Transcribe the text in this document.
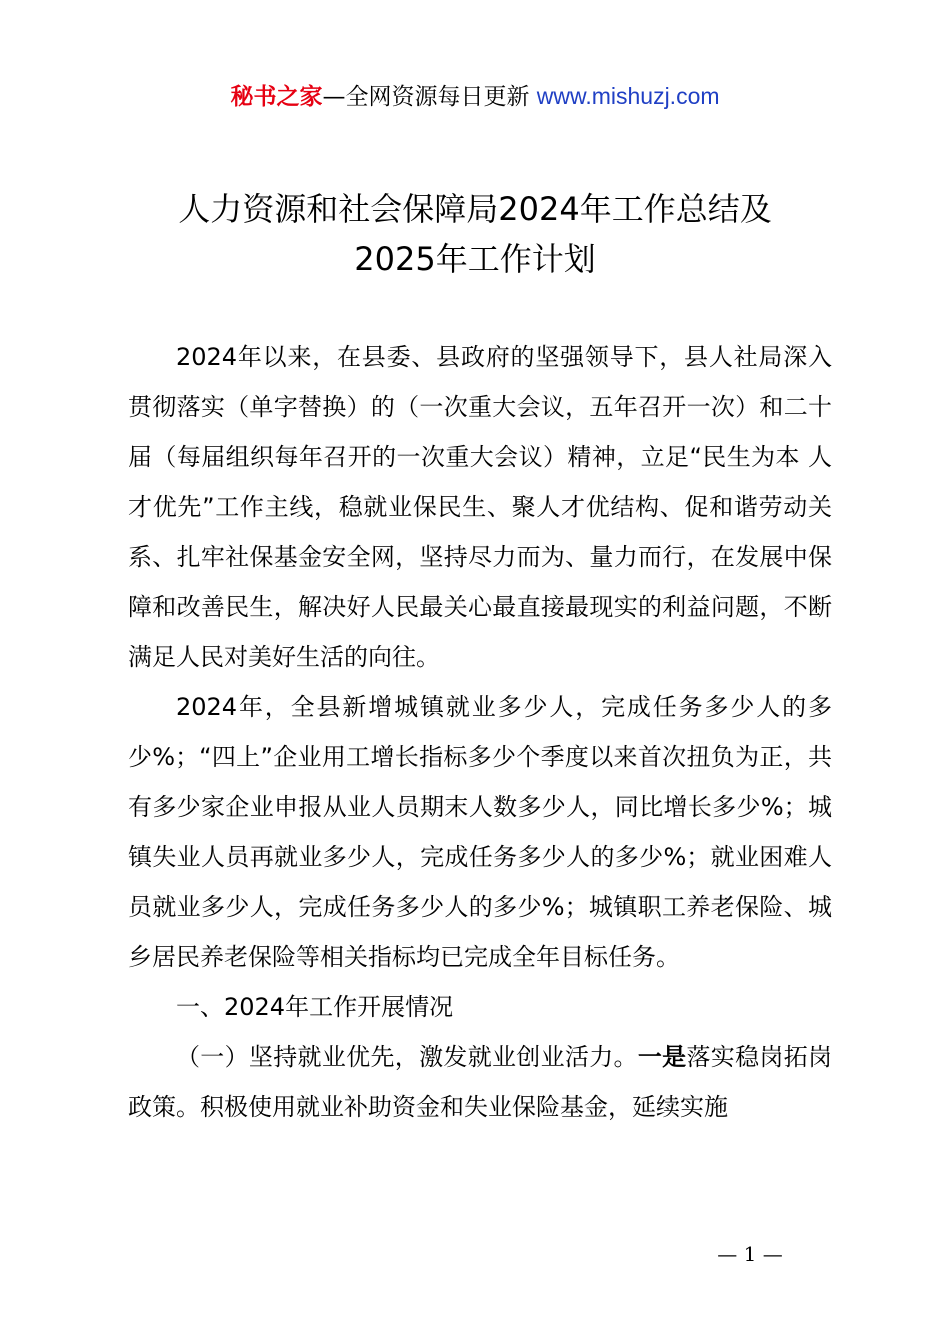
秘书之家—全网资源每日更新 www.mishuzj.com
人力资源和社会保障局2024年工作总结及
2025年工作计划

2024年以来，在县委、县政府的坚强领导下，县人社局深入贯彻落实（单字替换）的（一次重大会议，五年召开一次）和二十届（每届组织每年召开的一次重大会议）精神，立足“民生为本 人才优先”工作主线，稳就业保民生、聚人才优结构、促和谐劳动关系、扎牢社保基金安全网，坚持尽力而为、量力而行，在发展中保障和改善民生，解决好人民最关心最直接最现实的利益问题，不断满足人民对美好生活的向往。

2024年，全县新增城镇就业多少人，完成任务多少人的多少%；“四上”企业用工增长指标多少个季度以来首次扭负为正，共有多少家企业申报从业人员期末人数多少人，同比增长多少%；城镇失业人员再就业多少人，完成任务多少人的多少%；就业困难人员就业多少人，完成任务多少人的多少%；城镇职工养老保险、城乡居民养老保险等相关指标均已完成全年目标任务。

一、2024年工作开展情况

（一）坚持就业优先，激发就业创业活力。一是落实稳岗拓岗政策。积极使用就业补助资金和失业保险基金，延续实施

— 1 —
